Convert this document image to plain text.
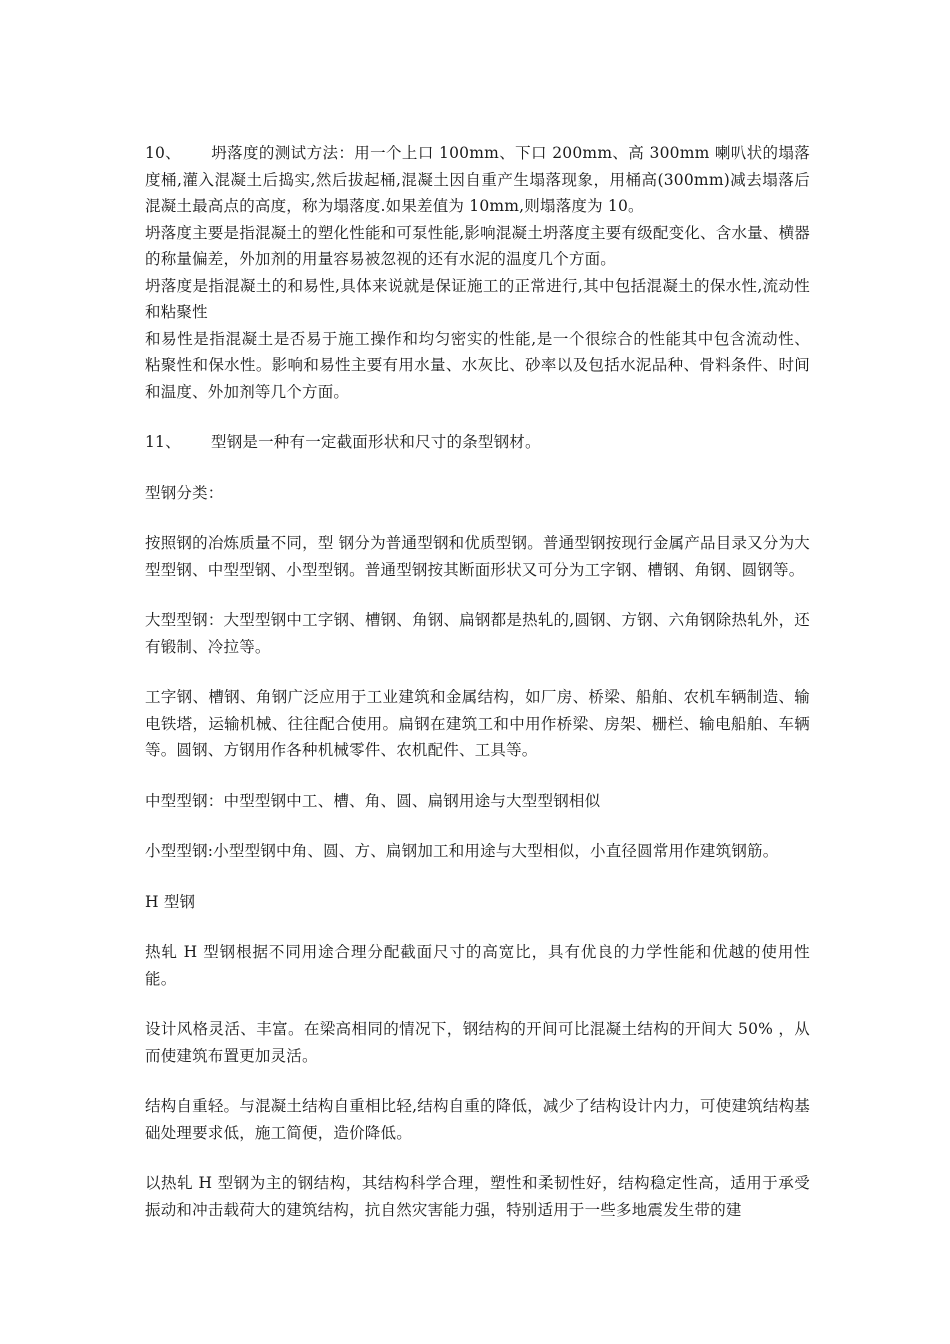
10、 坍落度的测试方法：用一个上口 100mm、下口 200mm、高 300mm 喇叭状的塌落度桶,灌入混凝土后捣实,然后拔起桶,混凝土因自重产生塌落现象，用桶高(300mm)减去塌落后混凝土最高点的高度，称为塌落度.如果差值为 10mm,则塌落度为 10。

坍落度主要是指混凝土的塑化性能和可泵性能,影响混凝土坍落度主要有级配变化、含水量、横器的称量偏差，外加剂的用量容易被忽视的还有水泥的温度几个方面。

坍落度是指混凝土的和易性,具体来说就是保证施工的正常进行,其中包括混凝土的保水性,流动性和粘聚性

和易性是指混凝土是否易于施工操作和均匀密实的性能,是一个很综合的性能其中包含流动性、 粘聚性和保水性。影响和易性主要有用水量、水灰比、砂率以及包括水泥品种、骨料条件、时间和温度、外加剂等几个方面。

11、 型钢是一种有一定截面形状和尺寸的条型钢材。

型钢分类：

按照钢的冶炼质量不同，型 钢分为普通型钢和优质型钢。普通型钢按现行金属产品目录又分为大型型钢、中型型钢、小型型钢。普通型钢按其断面形状又可分为工字钢、槽钢、角钢、圆钢等。

大型型钢：大型型钢中工字钢、槽钢、角钢、扁钢都是热轧的,圆钢、方钢、六角钢除热轧外，还有锻制、冷拉等。

工字钢、槽钢、角钢广泛应用于工业建筑和金属结构，如厂房、桥梁、船舶、农机车辆制造、输电铁塔，运输机械、往往配合使用。扁钢在建筑工和中用作桥梁、房架、栅栏、输电船舶、车辆等。圆钢、方钢用作各种机械零件、农机配件、工具等。

中型型钢：中型型钢中工、槽、角、圆、扁钢用途与大型型钢相似

小型型钢:小型型钢中角、圆、方、扁钢加工和用途与大型相似，小直径圆常用作建筑钢筋。

H 型钢

热轧 H 型钢根据不同用途合理分配截面尺寸的高宽比，具有优良的力学性能和优越的使用性能。

设计风格灵活、丰富。在梁高相同的情况下，钢结构的开间可比混凝土结构的开间大 50% ，从而使建筑布置更加灵活。

结构自重轻。与混凝土结构自重相比轻,结构自重的降低，减少了结构设计内力，可使建筑结构基础处理要求低，施工简便，造价降低。

以热轧 H 型钢为主的钢结构，其结构科学合理，塑性和柔韧性好，结构稳定性高，适用于承受振动和冲击载荷大的建筑结构，抗自然灾害能力强，特别适用于一些多地震发生带的建
